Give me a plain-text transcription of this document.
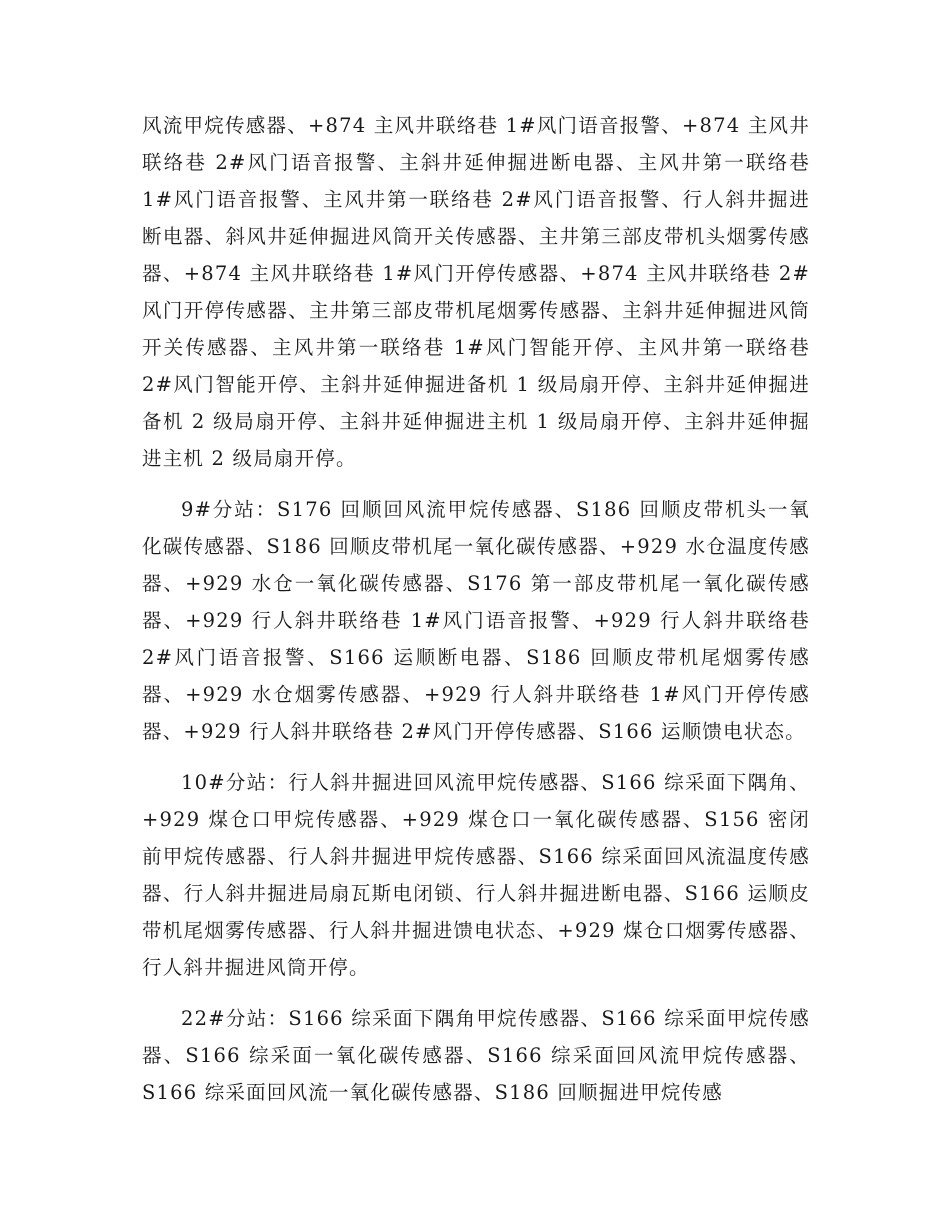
风流甲烷传感器、+874 主风井联络巷 1#风门语音报警、+874 主风井联络巷 2#风门语音报警、主斜井延伸掘进断电器、主风井第一联络巷 1#风门语音报警、主风井第一联络巷 2#风门语音报警、行人斜井掘进断电器、斜风井延伸掘进风筒开关传感器、主井第三部皮带机头烟雾传感器、+874 主风井联络巷 1#风门开停传感器、+874 主风井联络巷 2#风门开停传感器、主井第三部皮带机尾烟雾传感器、主斜井延伸掘进风筒开关传感器、主风井第一联络巷 1#风门智能开停、主风井第一联络巷 2#风门智能开停、主斜井延伸掘进备机 1 级局扇开停、主斜井延伸掘进备机 2 级局扇开停、主斜井延伸掘进主机 1 级局扇开停、主斜井延伸掘进主机 2 级局扇开停。

9#分站：S176 回顺回风流甲烷传感器、S186 回顺皮带机头一氧化碳传感器、S186 回顺皮带机尾一氧化碳传感器、+929 水仓温度传感器、+929 水仓一氧化碳传感器、S176 第一部皮带机尾一氧化碳传感器、+929 行人斜井联络巷 1#风门语音报警、+929 行人斜井联络巷 2#风门语音报警、S166 运顺断电器、S186 回顺皮带机尾烟雾传感器、+929 水仓烟雾传感器、+929 行人斜井联络巷 1#风门开停传感器、+929 行人斜井联络巷 2#风门开停传感器、S166 运顺馈电状态。

10#分站：行人斜井掘进回风流甲烷传感器、S166 综采面下隅角、+929 煤仓口甲烷传感器、+929 煤仓口一氧化碳传感器、S156 密闭前甲烷传感器、行人斜井掘进甲烷传感器、S166 综采面回风流温度传感器、行人斜井掘进局扇瓦斯电闭锁、行人斜井掘进断电器、S166 运顺皮带机尾烟雾传感器、行人斜井掘进馈电状态、+929 煤仓口烟雾传感器、行人斜井掘进风筒开停。

22#分站：S166 综采面下隅角甲烷传感器、S166 综采面甲烷传感器、S166 综采面一氧化碳传感器、S166 综采面回风流甲烷传感器、S166 综采面回风流一氧化碳传感器、S186 回顺掘进甲烷传感
